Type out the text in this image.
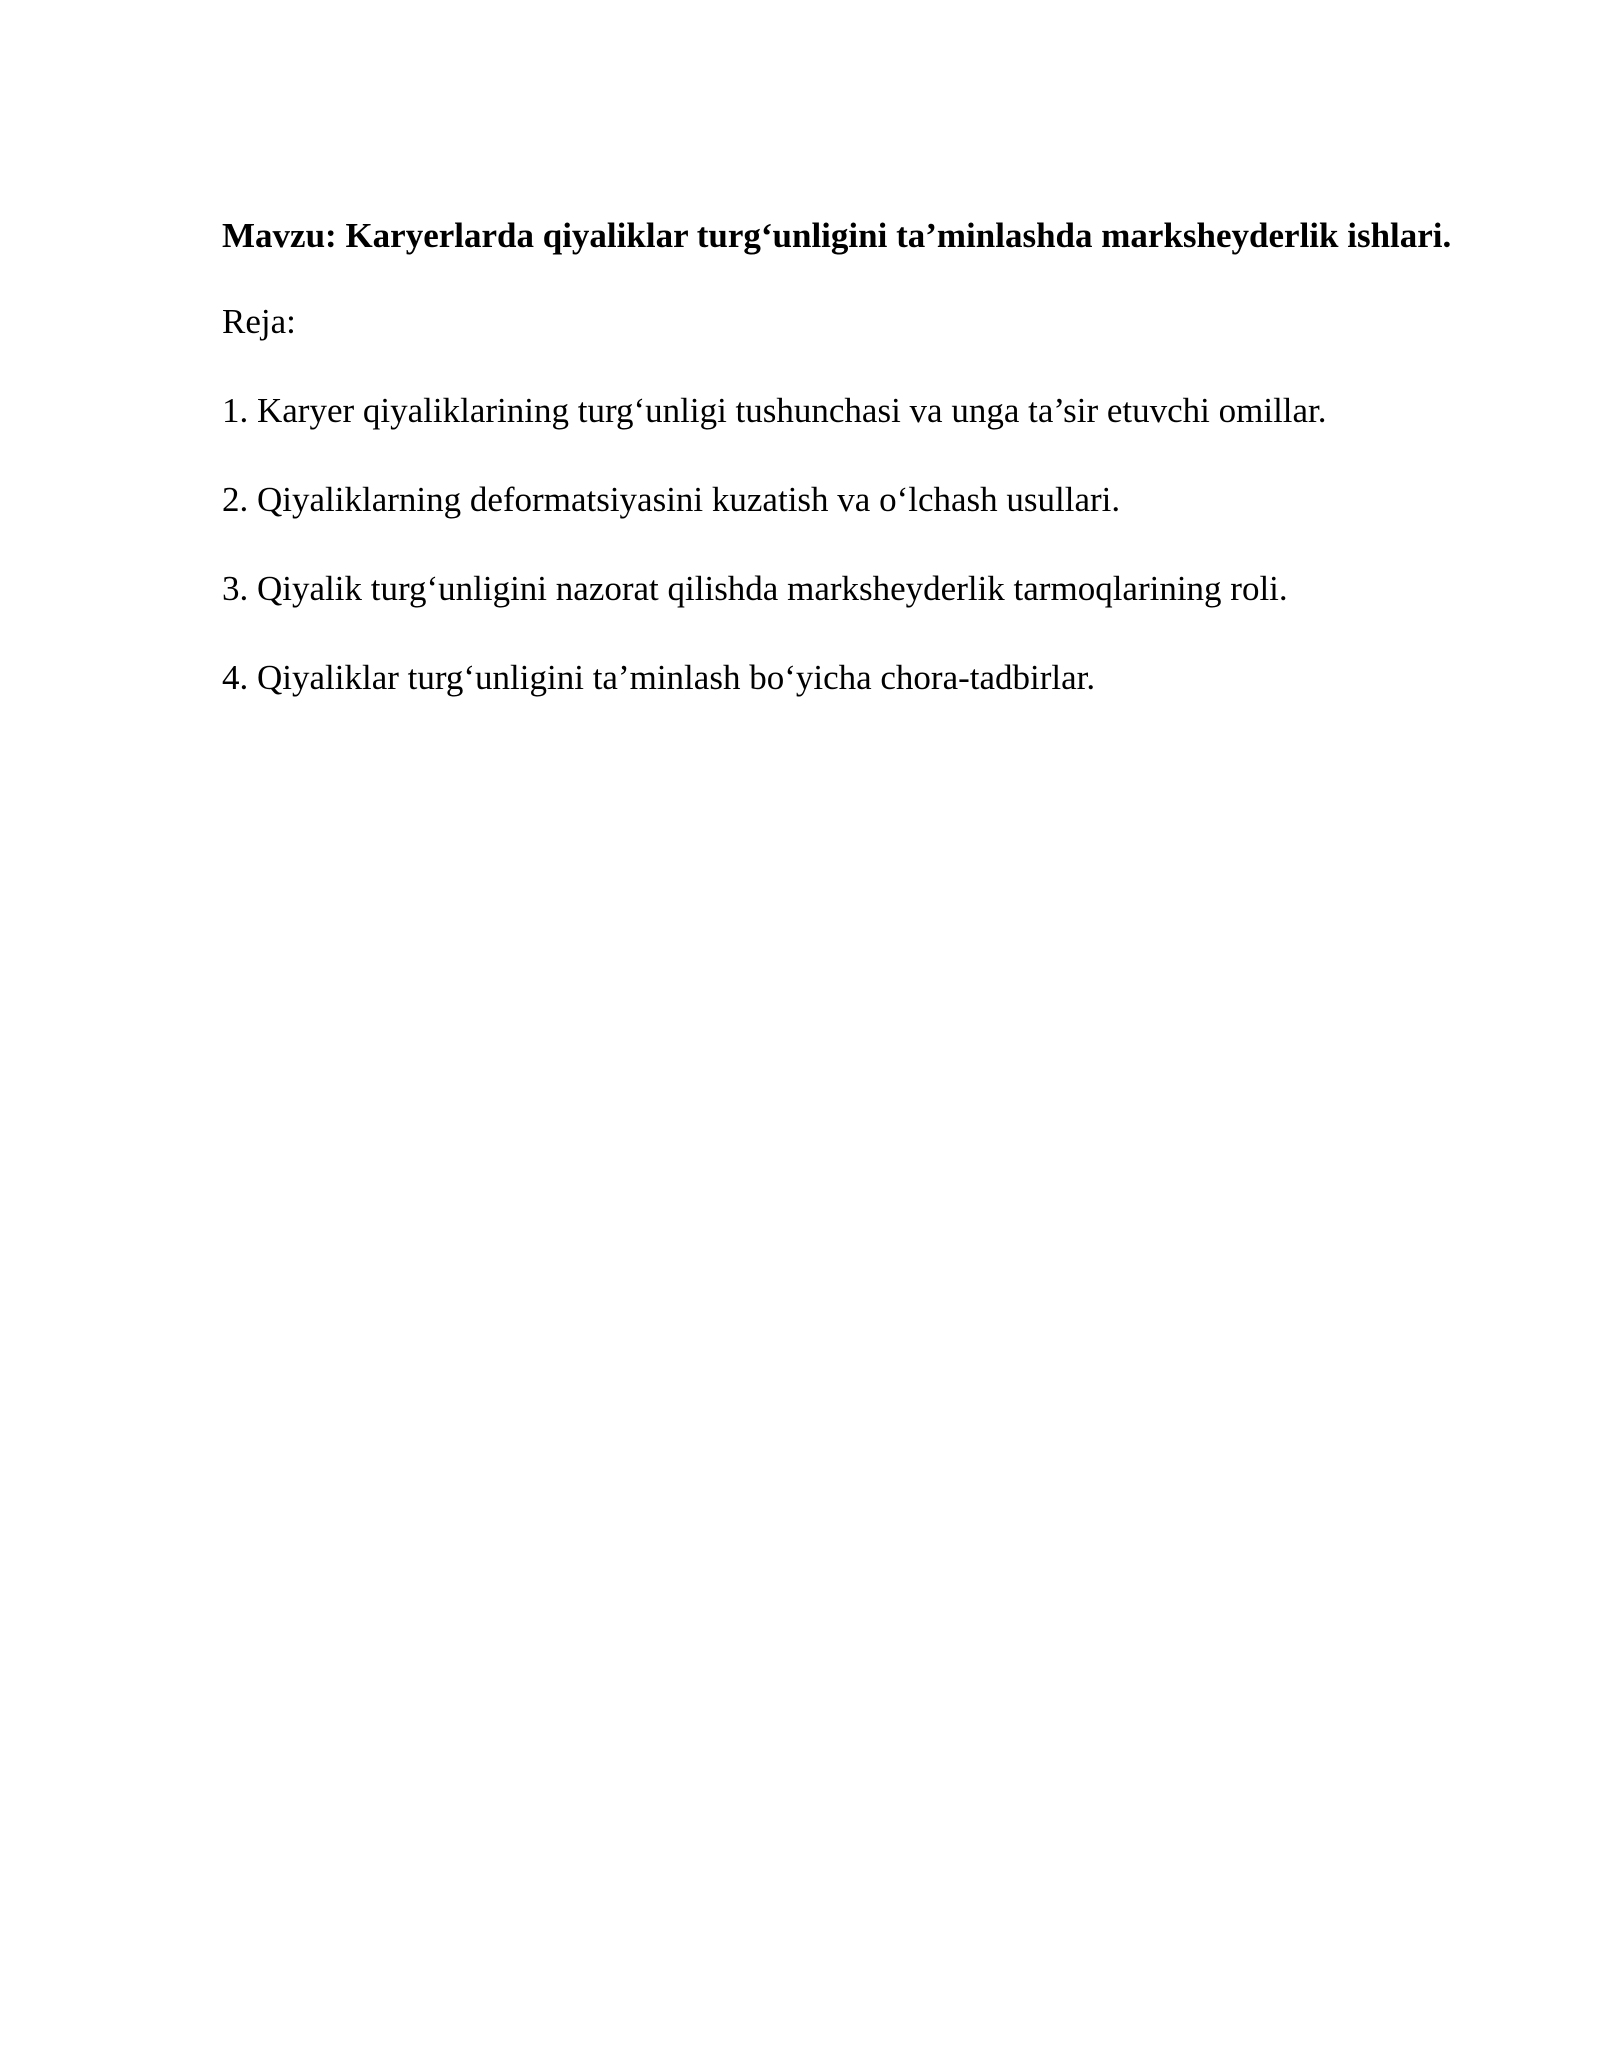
Mavzu: Karyerlarda qiyaliklar turg‘unligini ta’minlashda marksheyderlik ishlari.

Reja:

1. Karyer qiyaliklarining turg‘unligi tushunchasi va unga ta’sir etuvchi omillar.
2. Qiyaliklarning deformatsiyasini kuzatish va o‘lchash usullari.
3. Qiyalik turg‘unligini nazorat qilishda marksheyderlik tarmoqlarining roli.
4. Qiyaliklar turg‘unligini ta’minlash bo‘yicha chora-tadbirlar.
